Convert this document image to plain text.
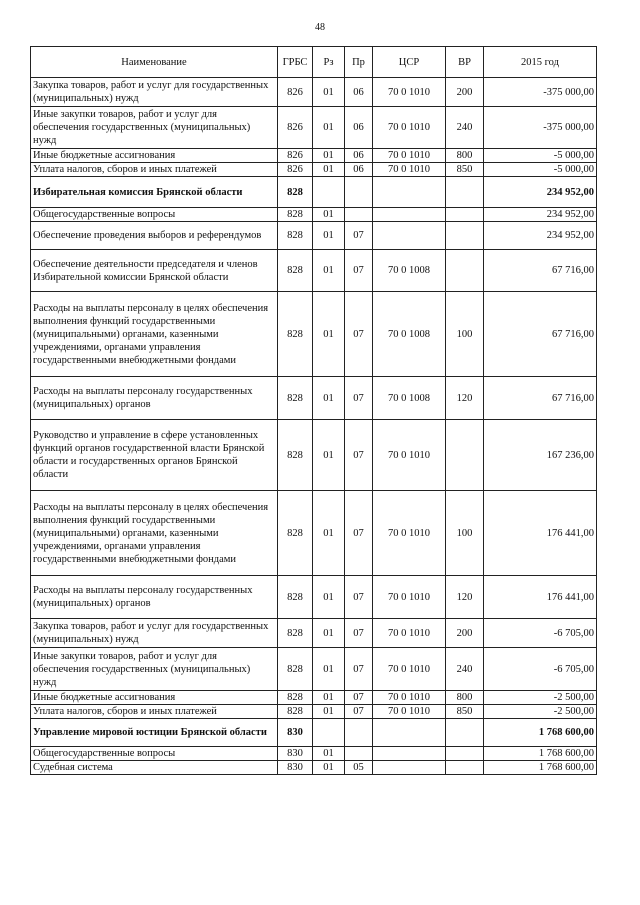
48
Наименование	ГРБС	Рз	Пр	ЦСР	ВР	2015 год
Закупка товаров, работ и услуг для государственных (муниципальных) нужд	826	01	06	70 0 1010	200	-375 000,00
Иные закупки товаров, работ и услуг для обеспечения государственных (муниципальных) нужд	826	01	06	70 0 1010	240	-375 000,00
Иные бюджетные ассигнования	826	01	06	70 0 1010	800	-5 000,00
Уплата налогов, сборов и иных платежей	826	01	06	70 0 1010	850	-5 000,00
Избирательная комиссия Брянской области	828					234 952,00
Общегосударственные вопросы	828	01				234 952,00
Обеспечение проведения выборов и референдумов	828	01	07			234 952,00
Обеспечение деятельности председателя и членов Избирательной комиссии Брянской области	828	01	07	70 0 1008		67 716,00
Расходы на выплаты персоналу в целях обеспечения выполнения функций государственными (муниципальными) органами, казенными учреждениями, органами управления государственными внебюджетными фондами	828	01	07	70 0 1008	100	67 716,00
Расходы на выплаты персоналу государственных (муниципальных) органов	828	01	07	70 0 1008	120	67 716,00
Руководство и управление в сфере установленных функций органов государственной власти Брянской области и государственных органов Брянской области	828	01	07	70 0 1010		167 236,00
Расходы на выплаты персоналу в целях обеспечения выполнения функций государственными (муниципальными) органами, казенными учреждениями, органами управления государственными внебюджетными фондами	828	01	07	70 0 1010	100	176 441,00
Расходы на выплаты персоналу государственных (муниципальных) органов	828	01	07	70 0 1010	120	176 441,00
Закупка товаров, работ и услуг для государственных (муниципальных) нужд	828	01	07	70 0 1010	200	-6 705,00
Иные закупки товаров, работ и услуг для обеспечения государственных (муниципальных) нужд	828	01	07	70 0 1010	240	-6 705,00
Иные бюджетные ассигнования	828	01	07	70 0 1010	800	-2 500,00
Уплата налогов, сборов и иных платежей	828	01	07	70 0 1010	850	-2 500,00
Управление мировой юстиции Брянской области	830					1 768 600,00
Общегосударственные вопросы	830	01				1 768 600,00
Судебная система	830	01	05			1 768 600,00
